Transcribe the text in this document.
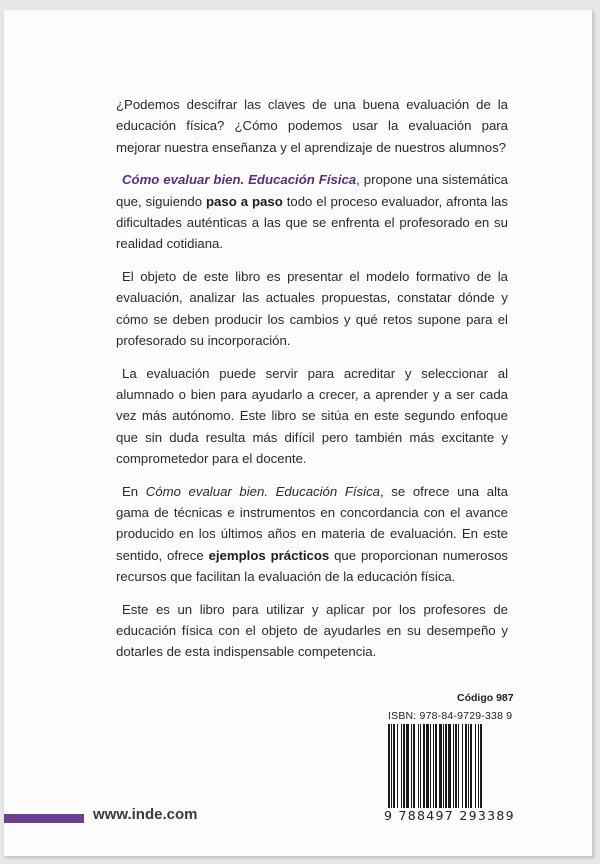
¿Podemos descifrar las claves de una buena evaluación de la educación física? ¿Cómo podemos usar la evaluación para mejorar nuestra enseñanza y el aprendizaje de nuestros alumnos?

Cómo evaluar bien. Educación Física, propone una sistemática que, siguiendo paso a paso todo el proceso evaluador, afronta las dificultades auténticas a las que se enfrenta el profesorado en su realidad cotidiana.

El objeto de este libro es presentar el modelo formativo de la evaluación, analizar las actuales propuestas, constatar dónde y cómo se deben producir los cambios y qué retos supone para el profesorado su incorporación.

La evaluación puede servir para acreditar y seleccionar al alumnado o bien para ayudarlo a crecer, a aprender y a ser cada vez más autónomo. Este libro se sitúa en este segundo enfoque que sin duda resulta más difícil pero también más excitante y comprometedor para el docente.

En Cómo evaluar bien. Educación Física, se ofrece una alta gama de técnicas e instrumentos en concordancia con el avance producido en los últimos años en materia de evaluación. En este sentido, ofrece ejemplos prácticos que proporcionan numerosos recursos que facilitan la evaluación de la educación física.

Este es un libro para utilizar y aplicar por los profesores de educación física con el objeto de ayudarles en su desempeño y dotarles de esta indispensable competencia.

Código 987
ISBN: 978-84-9729-338 9
9 788497 293389
www.inde.com
